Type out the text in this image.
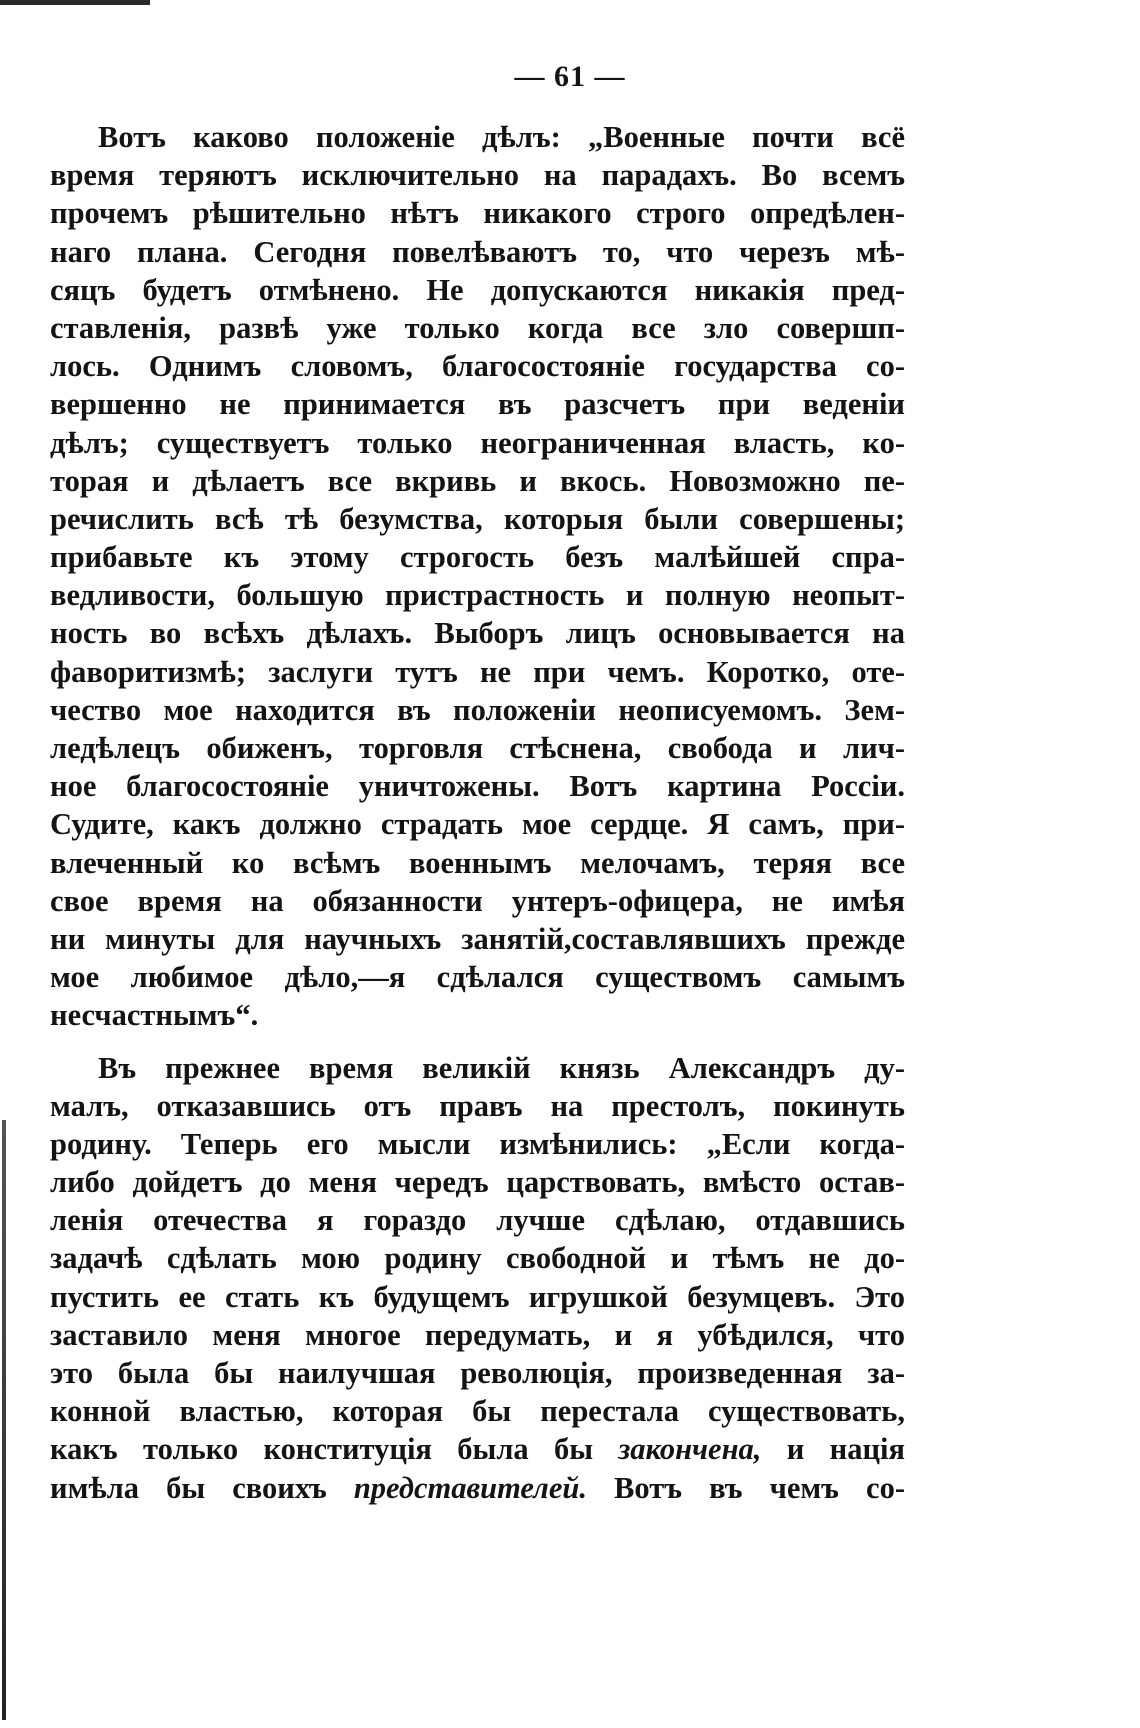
— 61 —
Вотъ каково положеніе дѣлъ: „Военные почти всё
время теряютъ исключительно на парадахъ. Во всемъ
прочемъ рѣшительно нѣтъ никакого строго опредѣлен-
наго плана. Сегодня повелѣваютъ то, что черезъ мѣ-
сяцъ будетъ отмѣнено. Не допускаются никакія пред-
ставленія, развѣ уже только когда все зло совершп-
лось. Однимъ словомъ, благосостояніе государства со-
вершенно не принимается въ разсчетъ при веденіи
дѣлъ; существуетъ только неограниченная власть, ко-
торая и дѣлаетъ все вкривь и вкось. Новозможно пе-
речислить всѣ тѣ безумства, которыя были совершены;
прибавьте къ этому строгость безъ малѣйшей спра-
ведливости, большую пристрастность и полную неопыт-
ность во всѣхъ дѣлахъ. Выборъ лицъ основывается на
фаворитизмѣ; заслуги тутъ не при чемъ. Коротко, оте-
чество мое находится въ положеніи неописуемомъ. Зем-
ледѣлецъ обиженъ, торговля стѣснена, свобода и лич-
ное благосостояніе уничтожены. Вотъ картина Россіи.
Судите, какъ должно страдать мое сердце. Я самъ, при-
влеченный ко всѣмъ военнымъ мелочамъ, теряя все
свое время на обязанности унтеръ-офицера, не имѣя
ни минуты для научныхъ занятій,составлявшихъ прежде
мое любимое дѣло,—я сдѣлался существомъ самымъ
несчастнымъ“.
Въ прежнее время великій князь Александръ ду-
малъ, отказавшись отъ правъ на престолъ, покинуть
родину. Теперь его мысли измѣнились: „Если когда-
либо дойдетъ до меня чередъ царствовать, вмѣсто остав-
ленія отечества я гораздо лучше сдѣлаю, отдавшись
задачѣ сдѣлать мою родину свободной и тѣмъ не до-
пустить ее стать къ будущемъ игрушкой безумцевъ. Это
заставило меня многое передумать, и я убѣдился, что
это была бы наилучшая революція, произведенная за-
конной властью, которая бы перестала существовать,
какъ только конституція была бы закончена, и нація
имѣла бы своихъ представителей. Вотъ въ чемъ со-
